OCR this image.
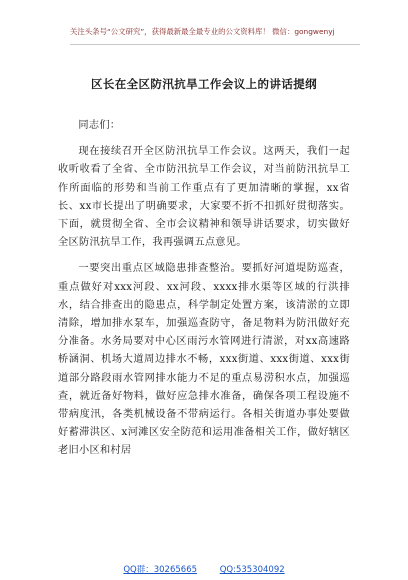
关注头条号“公文研究”，获得最新最全最专业的公文资料库！ 微信：gongwenyj
区长在全区防汛抗旱工作会议上的讲话提纲

同志们：

现在接续召开全区防汛抗旱工作会议。这两天，我们一起收听收看了全省、全市防汛抗旱工作会议，对当前防汛抗旱工作所面临的形势和当前工作重点有了更加清晰的掌握，xx省长、xx市长提出了明确要求，大家要不折不扣抓好贯彻落实。下面，就贯彻全省、全市会议精神和领导讲话要求，切实做好全区防汛抗旱工作，我再强调五点意见。

一要突出重点区域隐患排查整治。要抓好河道堤防巡查，重点做好对xxx河段、xx河段、xxxx排水渠等区域的行洪排水，结合排查出的隐患点，科学制定处置方案，该清淤的立即清除，增加排水泵车，加强巡查防守，备足物料为防汛做好充分准备。水务局要对中心区雨污水管网进行清淤，对xx高速路桥涵洞、机场大道周边排水不畅，xxx街道、xxx街道、xxx街道部分路段雨水管网排水能力不足的重点易涝积水点，加强巡查，就近备好物料，做好应急排水准备，确保各项工程设施不带病度汛，各类机械设备不带病运行。各相关街道办事处要做好蓄滞洪区、x河滩区安全防范和运用准备相关工作，做好辖区老旧小区和村居

QQ群：30265665	QQ:535304092
